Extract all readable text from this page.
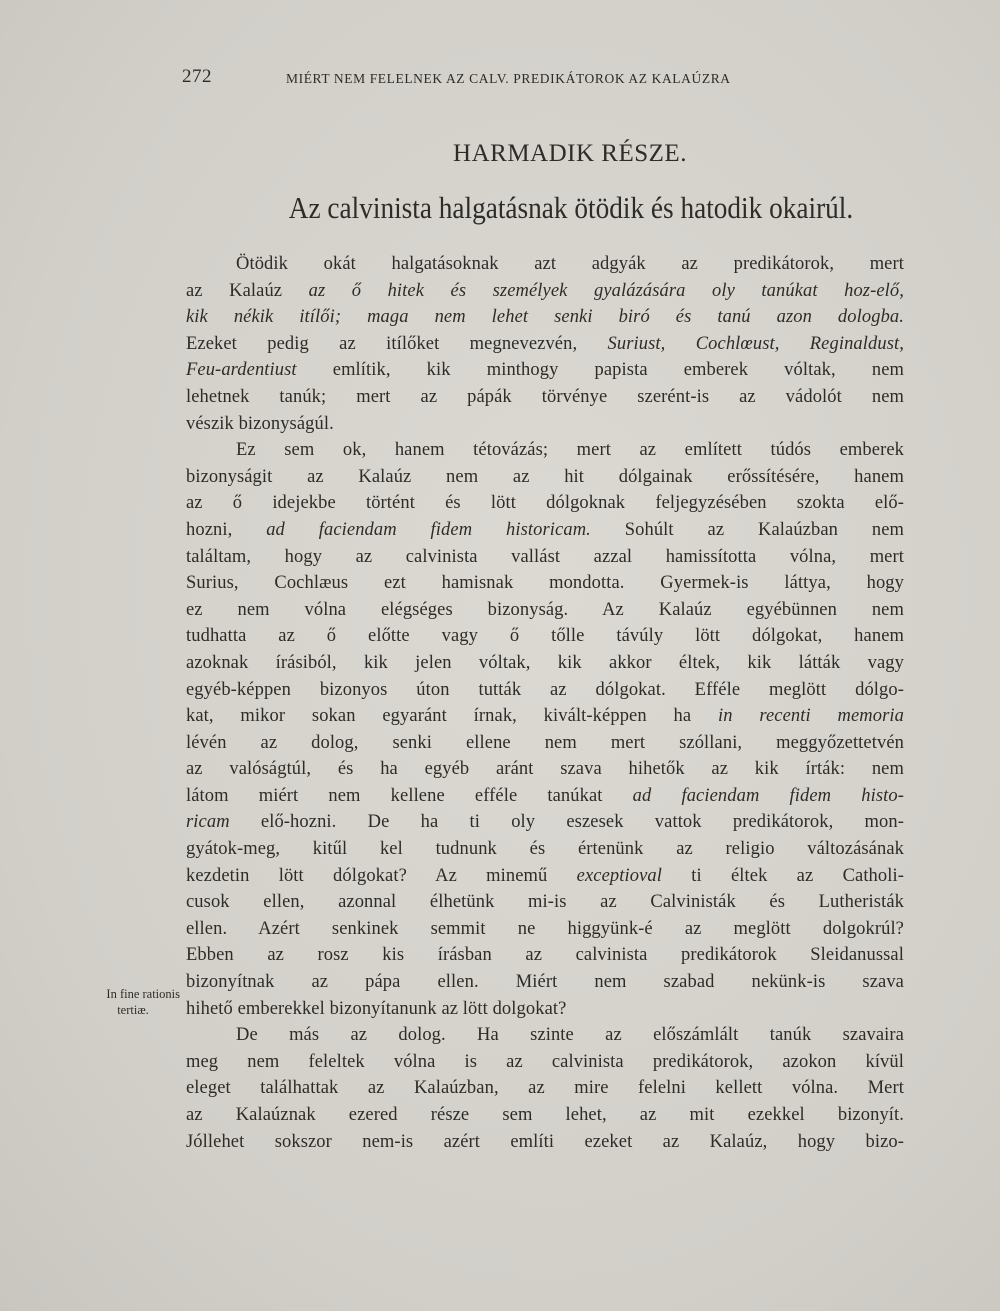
272	MIÉRT NEM FELELNEK AZ CALV. PREDIKÁTOROK AZ KALAÚZRA
HARMADIK RÉSZE.
Az calvinista halgatásnak ötödik és hatodik okairúl.
In fine rationis
tertiæ.
Ötödik okát halgatásoknak azt adgyák az predikátorok, mert
az Kalaúz az ő hitek és személyek gyalázására oly tanúkat hoz-elő,
kik nékik itílői; maga nem lehet senki biró és tanú azon dologba.
Ezeket pedig az itílőket megnevezvén, Suriust, Cochlœust, Reginaldust,
Feu-ardentiust említik, kik minthogy papista emberek vóltak, nem
lehetnek tanúk; mert az pápák törvénye szerént-is az vádolót nem
vészik bizonyságúl.
Ez sem ok, hanem tétovázás; mert az említett túdós emberek
bizonyságit az Kalaúz nem az hit dólgainak erőssítésére, hanem
az ő idejekbe történt és lött dólgoknak feljegyzésében szokta elő-
hozni, ad faciendam fidem historicam. Sohúlt az Kalaúzban nem
találtam, hogy az calvinista vallást azzal hamissította vólna, mert
Surius, Cochlæus ezt hamisnak mondotta. Gyermek-is láttya, hogy
ez nem vólna elégséges bizonyság. Az Kalaúz egyébünnen nem
tudhatta az ő előtte vagy ő tőlle távúly lött dólgokat, hanem
azoknak írásiból, kik jelen vóltak, kik akkor éltek, kik látták vagy
egyéb-képpen bizonyos úton tutták az dólgokat. Efféle meglött dólgo-
kat, mikor sokan egyaránt írnak, kivált-képpen ha in recenti memoria
lévén az dolog, senki ellene nem mert szóllani, meggyőzettetvén
az valóságtúl, és ha egyéb aránt szava hihetők az kik írták: nem
látom miért nem kellene efféle tanúkat ad faciendam fidem histo-
ricam elő-hozni. De ha ti oly eszesek vattok predikátorok, mon-
gyátok-meg, kitűl kel tudnunk és értenünk az religio változásának
kezdetin lött dólgokat? Az minemű exceptioval ti éltek az Catholi-
cusok ellen, azonnal élhetünk mi-is az Calvinisták és Lutheristák
ellen. Azért senkinek semmit ne higgyünk-é az meglött dolgokrúl?
Ebben az rosz kis írásban az calvinista predikátorok Sleidanussal
bizonyítnak az pápa ellen. Miért nem szabad nekünk-is szava
hihető emberekkel bizonyítanunk az lött dolgokat?
De más az dolog. Ha szinte az előszámlált tanúk szavaira
meg nem feleltek vólna is az calvinista predikátorok, azokon kívül
eleget találhattak az Kalaúzban, az mire felelni kellett vólna. Mert
az Kalaúznak ezered része sem lehet, az mit ezekkel bizonyít.
Jóllehet sokszor nem-is azért említi ezeket az Kalaúz, hogy bizo-
